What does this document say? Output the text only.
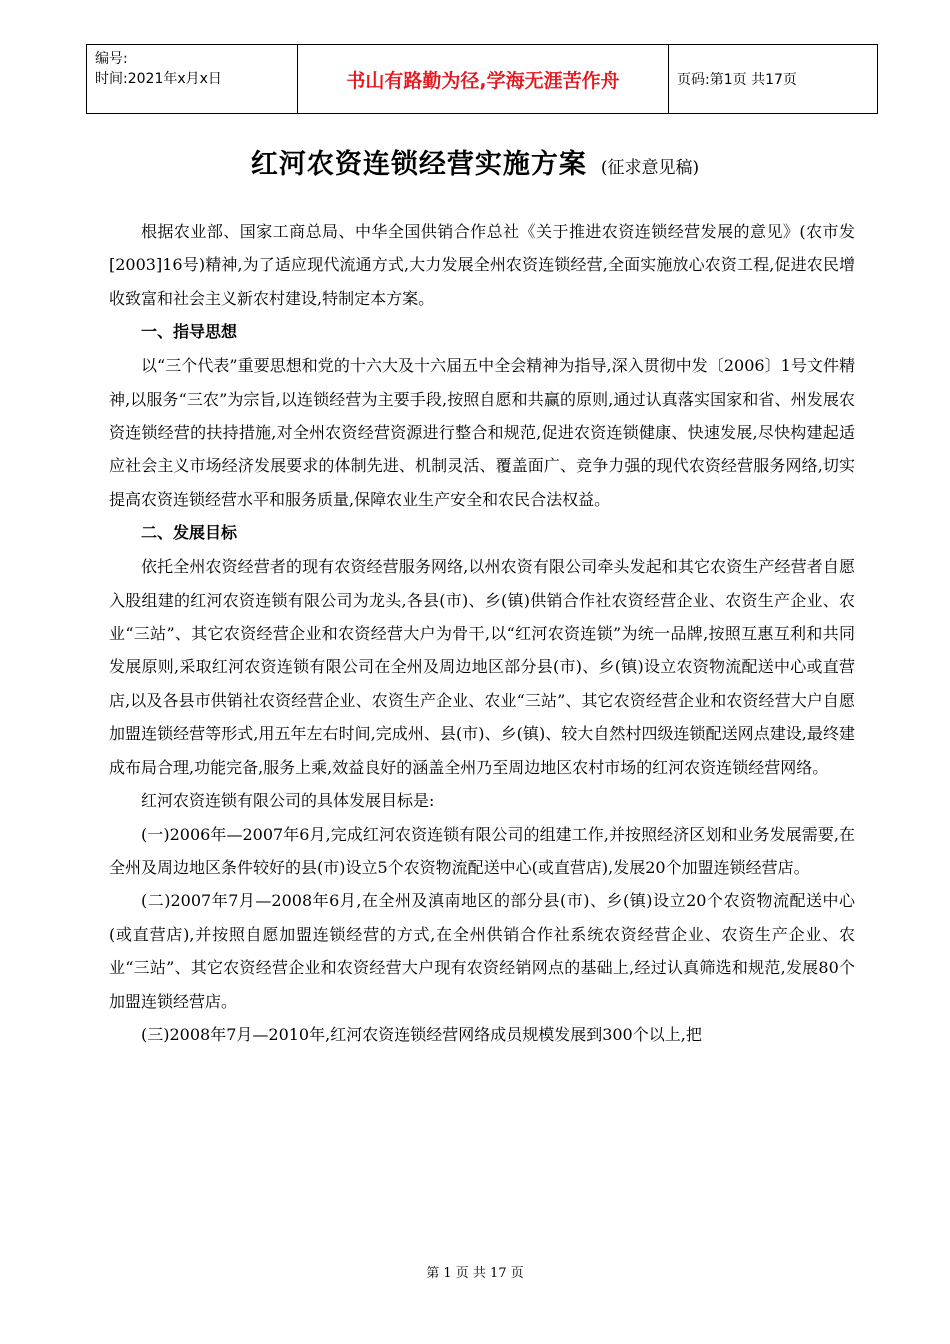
编号:
时间:2021年x月x日	书山有路勤为径,学海无涯苦作舟	页码:第1页 共17页
红河农资连锁经营实施方案 (征求意见稿)

根据农业部、国家工商总局、中华全国供销合作总社《关于推进农资连锁经营发展的意见》(农市发[2003]16号)精神,为了适应现代流通方式,大力发展全州农资连锁经营,全面实施放心农资工程,促进农民增收致富和社会主义新农村建设,特制定本方案。

一、指导思想

以“三个代表”重要思想和党的十六大及十六届五中全会精神为指导,深入贯彻中发〔2006〕1号文件精神,以服务“三农”为宗旨,以连锁经营为主要手段,按照自愿和共赢的原则,通过认真落实国家和省、州发展农资连锁经营的扶持措施,对全州农资经营资源进行整合和规范,促进农资连锁健康、快速发展,尽快构建起适应社会主义市场经济发展要求的体制先进、机制灵活、覆盖面广、竞争力强的现代农资经营服务网络,切实提高农资连锁经营水平和服务质量,保障农业生产安全和农民合法权益。

二、发展目标

依托全州农资经营者的现有农资经营服务网络,以州农资有限公司牵头发起和其它农资生产经营者自愿入股组建的红河农资连锁有限公司为龙头,各县(市)、乡(镇)供销合作社农资经营企业、农资生产企业、农业“三站”、其它农资经营企业和农资经营大户为骨干,以“红河农资连锁”为统一品牌,按照互惠互利和共同发展原则,采取红河农资连锁有限公司在全州及周边地区部分县(市)、乡(镇)设立农资物流配送中心或直营店,以及各县市供销社农资经营企业、农资生产企业、农业“三站”、其它农资经营企业和农资经营大户自愿加盟连锁经营等形式,用五年左右时间,完成州、县(市)、乡(镇)、较大自然村四级连锁配送网点建设,最终建成布局合理,功能完备,服务上乘,效益良好的涵盖全州乃至周边地区农村市场的红河农资连锁经营网络。

红河农资连锁有限公司的具体发展目标是:

(一)2006年—2007年6月,完成红河农资连锁有限公司的组建工作,并按照经济区划和业务发展需要,在全州及周边地区条件较好的县(市)设立5个农资物流配送中心(或直营店),发展20个加盟连锁经营店。

(二)2007年7月—2008年6月,在全州及滇南地区的部分县(市)、乡(镇)设立20个农资物流配送中心(或直营店),并按照自愿加盟连锁经营的方式,在全州供销合作社系统农资经营企业、农资生产企业、农业“三站”、其它农资经营企业和农资经营大户现有农资经销网点的基础上,经过认真筛选和规范,发展80个加盟连锁经营店。

(三)2008年7月—2010年,红河农资连锁经营网络成员规模发展到300个以上,把

第 1 页 共 17 页
